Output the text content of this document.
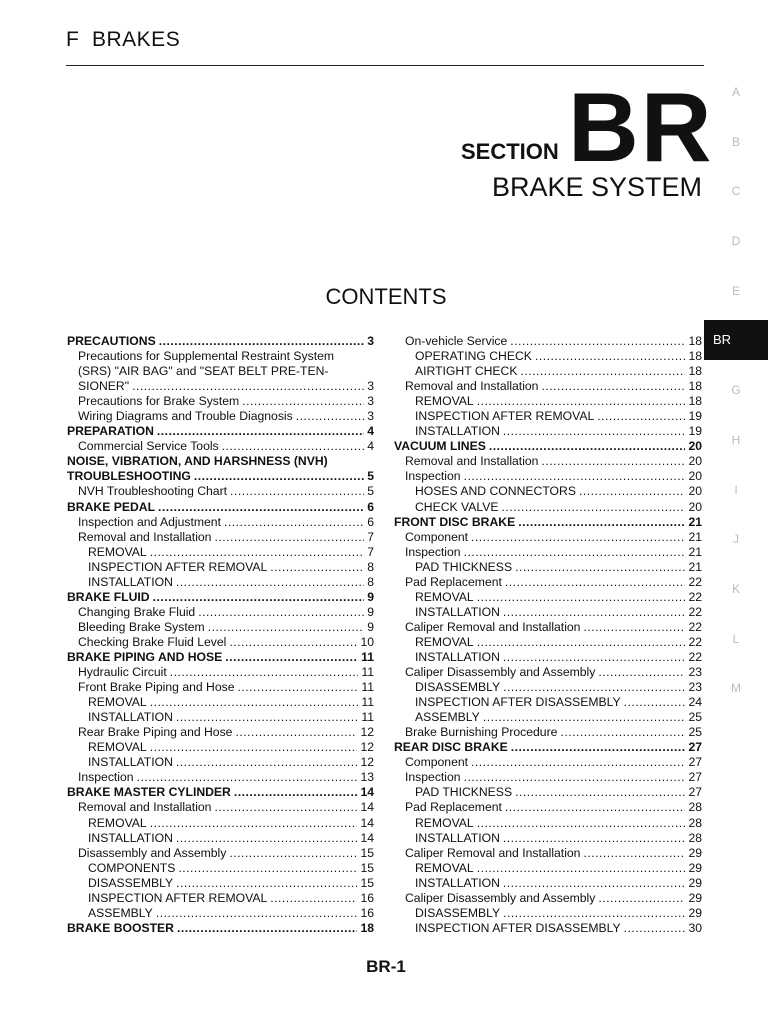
F BRAKES
SECTION BR
BRAKE SYSTEM
CONTENTS
PRECAUTIONS .....	3
Precautions for Supplemental Restraint System
(SRS) "AIR BAG" and "SEAT BELT PRE-TEN-
SIONER" .....	3
Precautions for Brake System .....	3
Wiring Diagrams and Trouble Diagnosis .....	3
PREPARATION .....	4
Commercial Service Tools .....	4
NOISE, VIBRATION, AND HARSHNESS (NVH)
TROUBLESHOOTING .....	5
NVH Troubleshooting Chart .....	5
BRAKE PEDAL .....	6
Inspection and Adjustment .....	6
Removal and Installation .....	7
REMOVAL .....	7
INSPECTION AFTER REMOVAL .....	8
INSTALLATION .....	8
BRAKE FLUID .....	9
Changing Brake Fluid .....	9
Bleeding Brake System .....	9
Checking Brake Fluid Level .....	10
BRAKE PIPING AND HOSE .....	11
Hydraulic Circuit .....	11
Front Brake Piping and Hose .....	11
REMOVAL .....	11
INSTALLATION .....	11
Rear Brake Piping and Hose .....	12
REMOVAL .....	12
INSTALLATION .....	12
Inspection .....	13
BRAKE MASTER CYLINDER .....	14
Removal and Installation .....	14
REMOVAL .....	14
INSTALLATION .....	14
Disassembly and Assembly .....	15
COMPONENTS .....	15
DISASSEMBLY .....	15
INSPECTION AFTER REMOVAL .....	16
ASSEMBLY .....	16
BRAKE BOOSTER .....	18
On-vehicle Service .....	18
OPERATING CHECK .....	18
AIRTIGHT CHECK .....	18
Removal and Installation .....	18
REMOVAL .....	18
INSPECTION AFTER REMOVAL .....	19
INSTALLATION .....	19
VACUUM LINES .....	20
Removal and Installation .....	20
Inspection .....	20
HOSES AND CONNECTORS .....	20
CHECK VALVE .....	20
FRONT DISC BRAKE .....	21
Component .....	21
Inspection .....	21
PAD THICKNESS .....	21
Pad Replacement .....	22
REMOVAL .....	22
INSTALLATION .....	22
Caliper Removal and Installation .....	22
REMOVAL .....	22
INSTALLATION .....	22
Caliper Disassembly and Assembly .....	23
DISASSEMBLY .....	23
INSPECTION AFTER DISASSEMBLY .....	24
ASSEMBLY .....	25
Brake Burnishing Procedure .....	25
REAR DISC BRAKE .....	27
Component .....	27
Inspection .....	27
PAD THICKNESS .....	27
Pad Replacement .....	28
REMOVAL .....	28
INSTALLATION .....	28
Caliper Removal and Installation .....	29
REMOVAL .....	29
INSTALLATION .....	29
Caliper Disassembly and Assembly .....	29
DISASSEMBLY .....	29
INSPECTION AFTER DISASSEMBLY .....	30
A
B
C
D
E
BR
G
H
I
J
K
L
M
BR-1
